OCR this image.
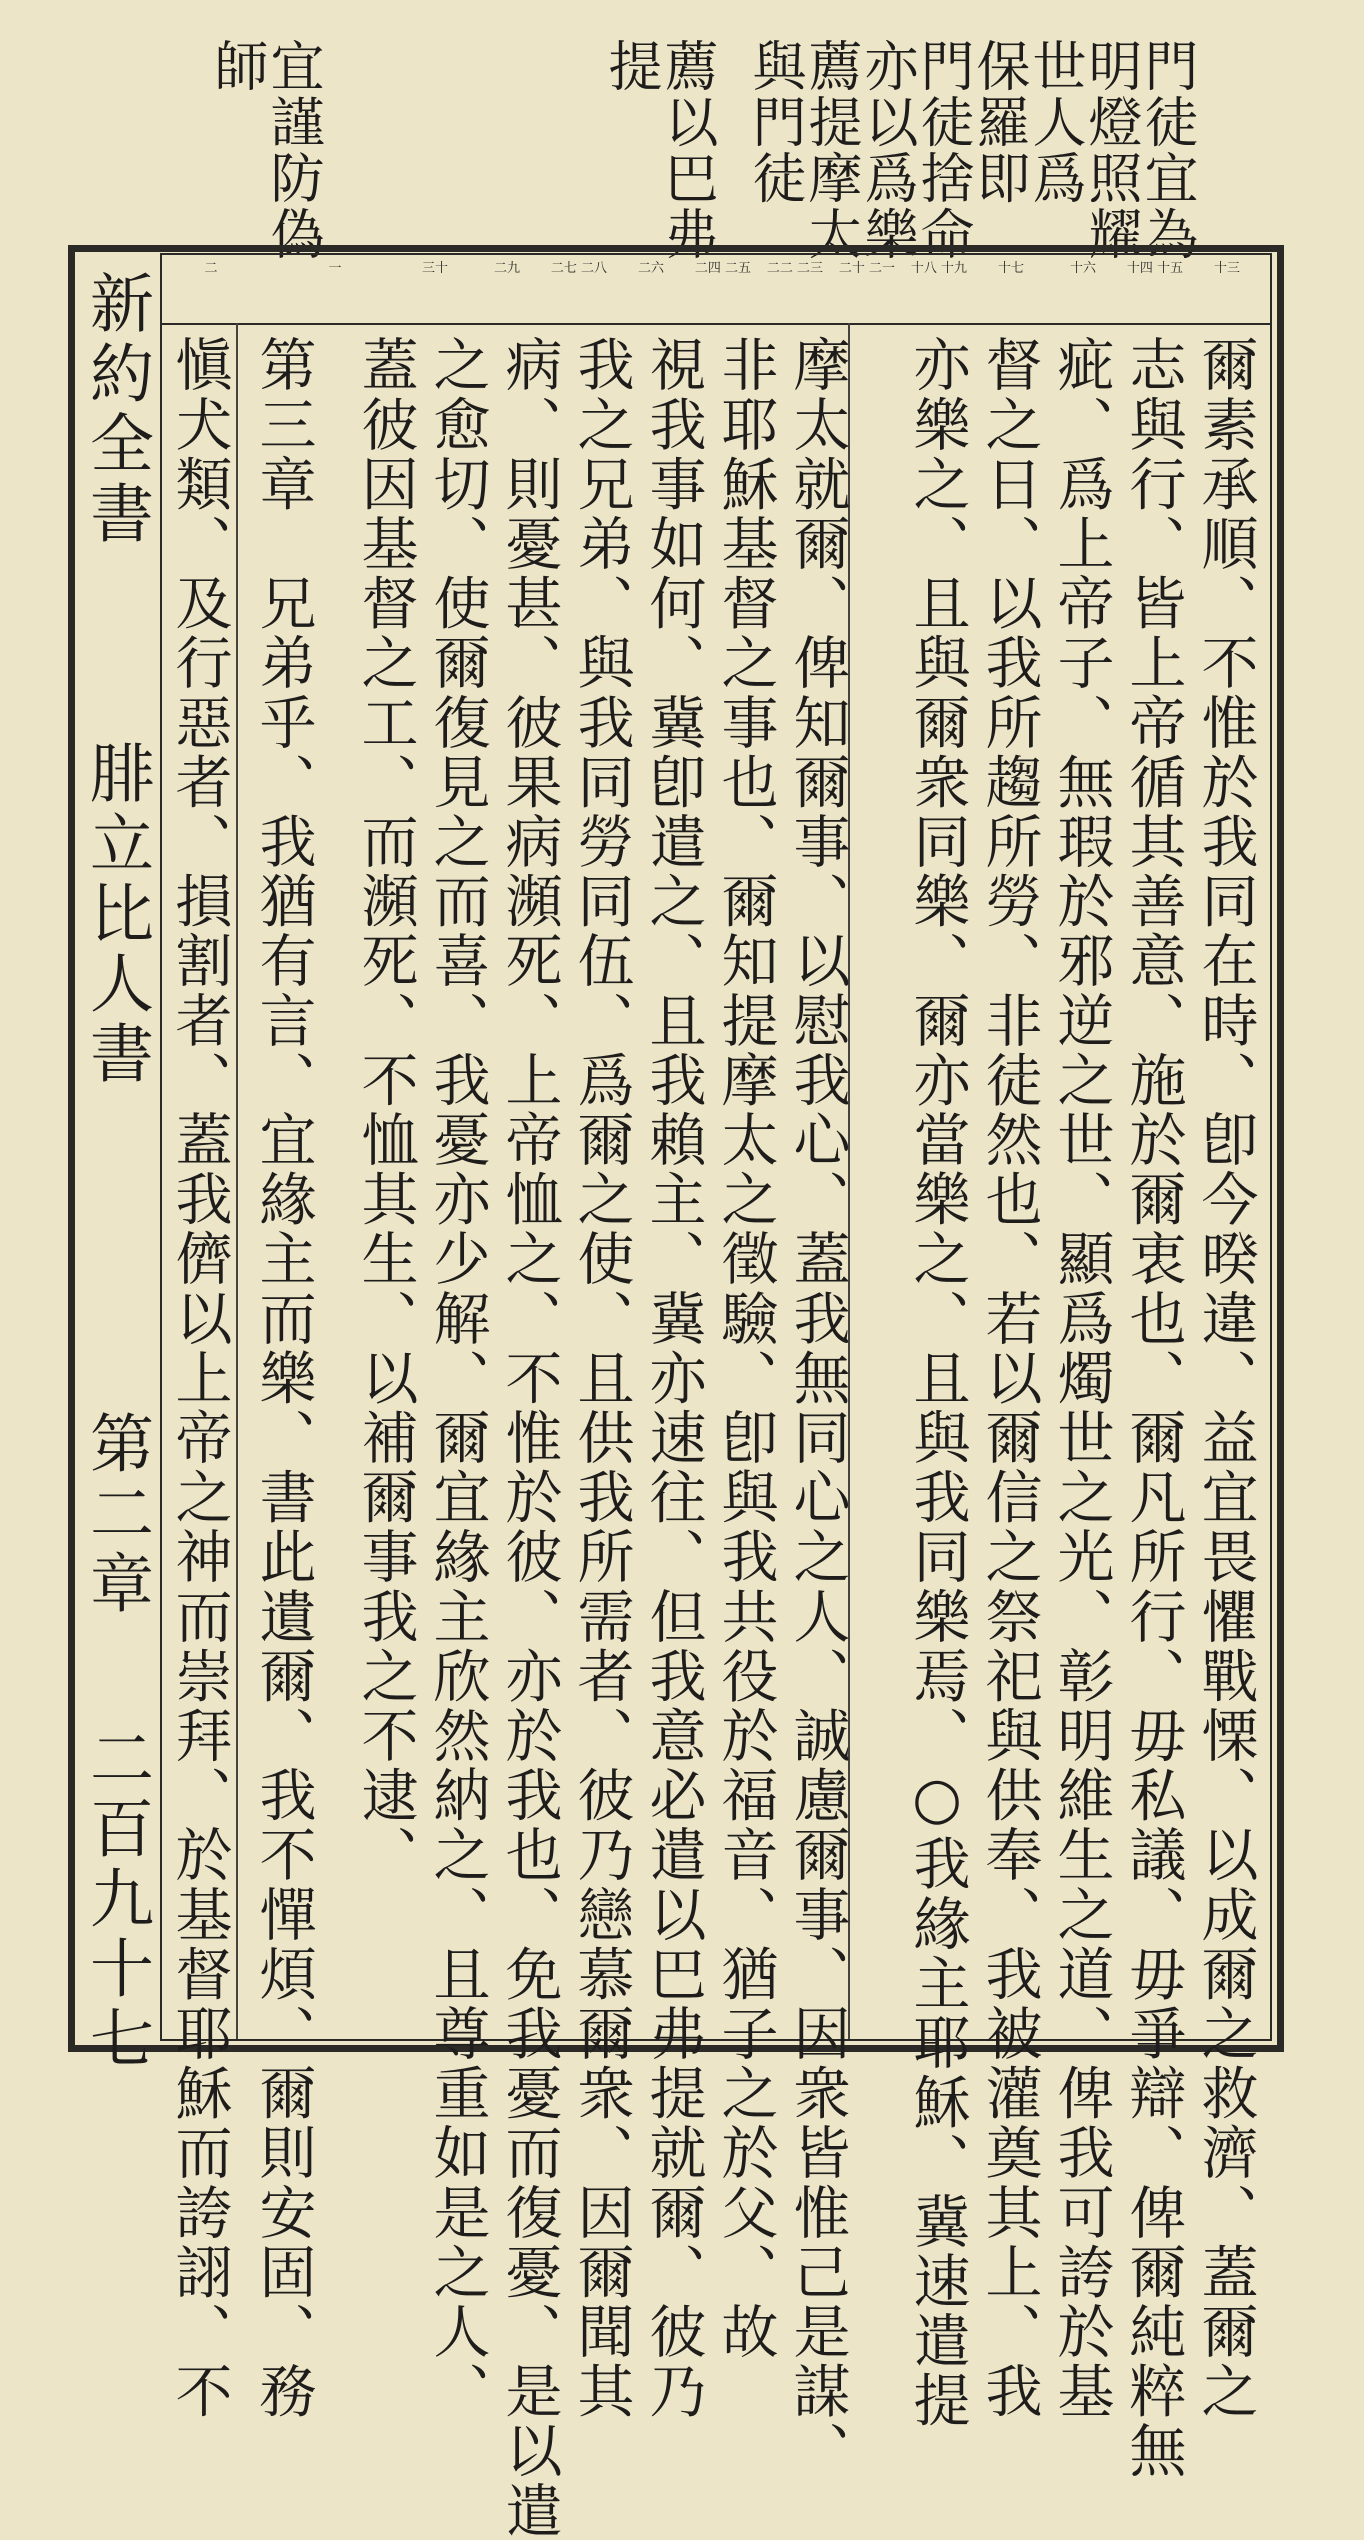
門徒宜為
明燈照耀
世人爲
保羅即
門徒捨命
亦以爲樂
薦提摩太
與門徒
薦以巴弗
提
宜謹防偽
師
新約全書
腓立比人書
第二章
二百九十七
十三
十四 十五
十六
十七
十八 十九
二十 二一
二二 二三
二四 二五
二六
二七 二八
二九
三十
一
二
爾素承順、不惟於我同在時、卽今暌違、益宜畏懼戰慄、以成爾之救濟、蓋爾之
志與行、皆上帝循其善意、施於爾衷也、爾凡所行、毋私議、毋爭辯、俾爾純粹無
疵、爲上帝子、無瑕於邪逆之世、顯爲燭世之光、彰明維生之道、俾我可誇於基
督之日、以我所趨所勞、非徒然也、若以爾信之祭祀與供奉、我被灌奠其上、我
亦樂之、且與爾衆同樂、爾亦當樂之、且與我同樂焉、○我緣主耶穌、冀速遣提
摩太就爾、俾知爾事、以慰我心、蓋我無同心之人、誠慮爾事、因衆皆惟己是謀、
非耶穌基督之事也、爾知提摩太之徵驗、卽與我共役於福音、猶子之於父、故
視我事如何、冀卽遣之、且我賴主、冀亦速往、但我意必遣以巴弗提就爾、彼乃
我之兄弟、與我同勞同伍、爲爾之使、且供我所需者、彼乃戀慕爾衆、因爾聞其
病、則憂甚、彼果病瀕死、上帝恤之、不惟於彼、亦於我也、免我憂而復憂、是以遣
之愈切、使爾復見之而喜、我憂亦少解、爾宜緣主欣然納之、且尊重如是之人、
蓋彼因基督之工、而瀕死、不恤其生、以補爾事我之不逮、
第三章　兄弟乎、我猶有言、宜緣主而樂、書此遺爾、我不憚煩、爾則安固、務
愼犬類、及行惡者、損割者、蓋我儕以上帝之神而崇拜、於基督耶穌而誇詡、不
